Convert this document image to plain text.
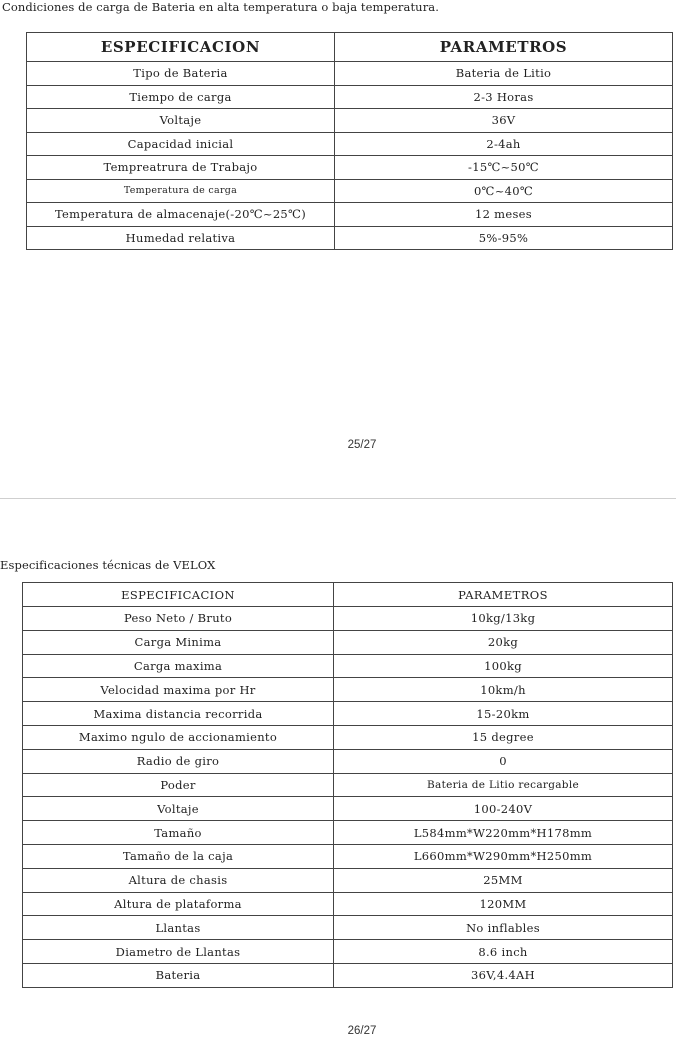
Condiciones de carga de Bateria en alta temperatura o baja temperatura.
ESPECIFICACION	PARAMETROS
Tipo de Bateria	Bateria de Litio
Tiempo de carga	2-3 Horas
Voltaje	36V
Capacidad inicial	2-4ah
Tempreatrura de Trabajo	-15℃~50℃
Temperatura de carga	0℃~40℃
Temperatura de almacenaje(-20℃~25℃)	12 meses
Humedad relativa	5%-95%
25/27
Especificaciones técnicas de VELOX
ESPECIFICACION	PARAMETROS
Peso Neto / Bruto	10kg/13kg
Carga Minima	20kg
Carga maxima	100kg
Velocidad maxima por Hr	10km/h
Maxima distancia recorrida	15-20km
Maximo ngulo de accionamiento	15 degree
Radio de giro	0
Poder	Bateria de Litio recargable
Voltaje	100-240V
Tamaño	L584mm*W220mm*H178mm
Tamaño de la caja	L660mm*W290mm*H250mm
Altura de chasis	25MM
Altura de plataforma	120MM
Llantas	No inflables
Diametro de Llantas	8.6 inch
Bateria	36V,4.4AH
26/27
